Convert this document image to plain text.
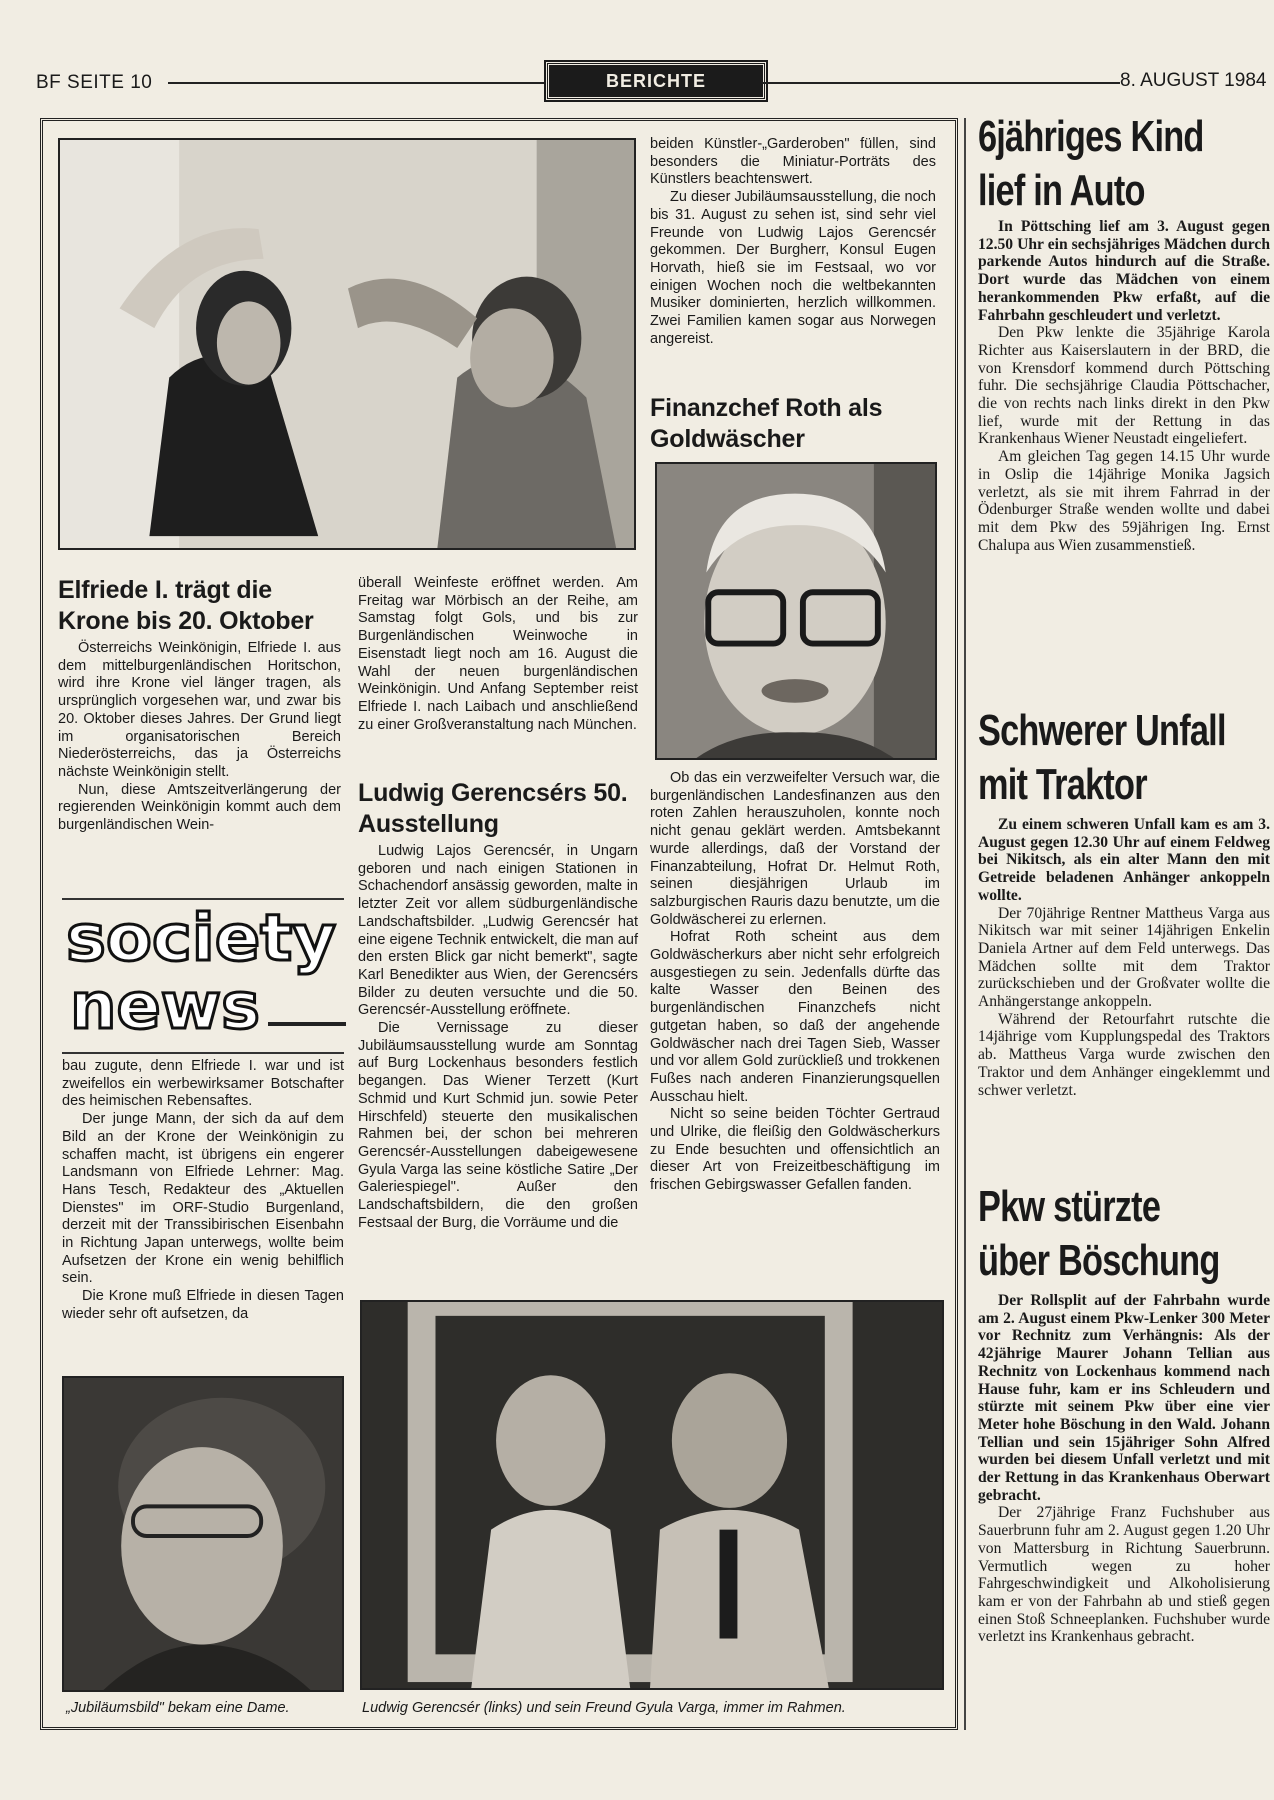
BF SEITE 10	BERICHTE	8. AUGUST 1984
Elfriede I. trägt die Krone bis 20. Oktober

Österreichs Weinkönigin, Elfriede I. aus dem mittelburgenländischen Horitschon, wird ihre Krone viel länger tragen, als ursprünglich vorgesehen war, und zwar bis 20. Oktober dieses Jahres. Der Grund liegt im organisatorischen Bereich Niederösterreichs, das ja Österreichs nächste Weinkönigin stellt.

Nun, diese Amtszeitverlängerung der regierenden Weinkönigin kommt auch dem burgenländischen Wein-

überall Weinfeste eröffnet werden. Am Freitag war Mörbisch an der Reihe, am Samstag folgt Gols, und bis zur Burgenländischen Weinwoche in Eisenstadt liegt noch am 16. August die Wahl der neuen burgenländischen Weinkönigin. Und Anfang September reist Elfriede I. nach Laibach und anschließend zu einer Großveranstaltung nach München.

society
news

bau zugute, denn Elfriede I. war und ist zweifellos ein werbewirksamer Botschafter des heimischen Rebensaftes.

Der junge Mann, der sich da auf dem Bild an der Krone der Weinkönigin zu schaffen macht, ist übrigens ein engerer Landsmann von Elfriede Lehrner: Mag. Hans Tesch, Redakteur des „Aktuellen Dienstes" im ORF-Studio Burgenland, derzeit mit der Transsibirischen Eisenbahn in Richtung Japan unterwegs, wollte beim Aufsetzen der Krone ein wenig behilflich sein.

Die Krone muß Elfriede in diesen Tagen wieder sehr oft aufsetzen, da

„Jubiläumsbild" bekam eine Dame.
Ludwig Gerencsérs 50. Ausstellung

Ludwig Lajos Gerencsér, in Ungarn geboren und nach einigen Stationen in Schachendorf ansässig geworden, malte in letzter Zeit vor allem südburgenländische Landschaftsbilder. „Ludwig Gerencsér hat eine eigene Technik entwickelt, die man auf den ersten Blick gar nicht bemerkt", sagte Karl Benedikter aus Wien, der Gerencsérs Bilder zu deuten versuchte und die 50. Gerencsér-Ausstellung eröffnete.

Die Vernissage zu dieser Jubiläumsausstellung wurde am Sonntag auf Burg Lockenhaus besonders festlich begangen. Das Wiener Terzett (Kurt Schmid und Kurt Schmid jun. sowie Peter Hirschfeld) steuerte den musikalischen Rahmen bei, der schon bei mehreren Gerencsér-Ausstellungen dabeigewesene Gyula Varga las seine köstliche Satire „Der Galeriespiegel". Außer den Landschaftsbildern, die den großen Festsaal der Burg, die Vorräume und die

beiden Künstler-„Garderoben" füllen, sind besonders die Miniatur-Porträts des Künstlers beachtenswert.

Zu dieser Jubiläumsausstellung, die noch bis 31. August zu sehen ist, sind sehr viel Freunde von Ludwig Lajos Gerencsér gekommen. Der Burgherr, Konsul Eugen Horvath, hieß sie im Festsaal, wo vor einigen Wochen noch die weltbekannten Musiker dominierten, herzlich willkommen. Zwei Familien kamen sogar aus Norwegen angereist.

Finanzchef Roth als Goldwäscher

Ob das ein verzweifelter Versuch war, die burgenländischen Landesfinanzen aus den roten Zahlen herauszuholen, konnte noch nicht genau geklärt werden. Amtsbekannt wurde allerdings, daß der Vorstand der Finanzabteilung, Hofrat Dr. Helmut Roth, seinen diesjährigen Urlaub im salzburgischen Rauris dazu benutzte, um die Goldwäscherei zu erlernen.

Hofrat Roth scheint aus dem Goldwäscherkurs aber nicht sehr erfolgreich ausgestiegen zu sein. Jedenfalls dürfte das kalte Wasser den Beinen des burgenländischen Finanzchefs nicht gutgetan haben, so daß der angehende Goldwäscher nach drei Tagen Sieb, Wasser und vor allem Gold zurückließ und trokkenen Fußes nach anderen Finanzierungsquellen Ausschau hielt.

Nicht so seine beiden Töchter Gertraud und Ulrike, die fleißig den Goldwäscherkurs zu Ende besuchten und offensichtlich an dieser Art von Freizeitbeschäftigung im frischen Gebirgswasser Gefallen fanden.

Ludwig Gerencsér (links) und sein Freund Gyula Varga, immer im Rahmen.
6jähriges Kind
lief in Auto

In Pöttsching lief am 3. August gegen 12.50 Uhr ein sechsjähriges Mädchen durch parkende Autos hindurch auf die Straße. Dort wurde das Mädchen von einem herankommenden Pkw erfaßt, auf die Fahrbahn geschleudert und verletzt.

Den Pkw lenkte die 35jährige Karola Richter aus Kaiserslautern in der BRD, die von Krensdorf kommend durch Pöttsching fuhr. Die sechsjährige Claudia Pöttschacher, die von rechts nach links direkt in den Pkw lief, wurde mit der Rettung in das Krankenhaus Wiener Neustadt eingeliefert.

Am gleichen Tag gegen 14.15 Uhr wurde in Oslip die 14jährige Monika Jagsich verletzt, als sie mit ihrem Fahrrad in der Ödenburger Straße wenden wollte und dabei mit dem Pkw des 59jährigen Ing. Ernst Chalupa aus Wien zusammenstieß.

Schwerer Unfall
mit Traktor

Zu einem schweren Unfall kam es am 3. August gegen 12.30 Uhr auf einem Feldweg bei Nikitsch, als ein alter Mann den mit Getreide beladenen Anhänger ankoppeln wollte.

Der 70jährige Rentner Mattheus Varga aus Nikitsch war mit seiner 14jährigen Enkelin Daniela Artner auf dem Feld unterwegs. Das Mädchen sollte mit dem Traktor zurückschieben und der Großvater wollte die Anhängerstange ankoppeln.

Während der Retourfahrt rutschte die 14jährige vom Kupplungspedal des Traktors ab. Mattheus Varga wurde zwischen den Traktor und dem Anhänger eingeklemmt und schwer verletzt.

Pkw stürzte
über Böschung

Der Rollsplit auf der Fahrbahn wurde am 2. August einem Pkw-Lenker 300 Meter vor Rechnitz zum Verhängnis: Als der 42jährige Maurer Johann Tellian aus Rechnitz von Lockenhaus kommend nach Hause fuhr, kam er ins Schleudern und stürzte mit seinem Pkw über eine vier Meter hohe Böschung in den Wald. Johann Tellian und sein 15jähriger Sohn Alfred wurden bei diesem Unfall verletzt und mit der Rettung in das Krankenhaus Oberwart gebracht.

Der 27jährige Franz Fuchshuber aus Sauerbrunn fuhr am 2. August gegen 1.20 Uhr von Mattersburg in Richtung Sauerbrunn. Vermutlich wegen zu hoher Fahrgeschwindigkeit und Alkoholisierung kam er von der Fahrbahn ab und stieß gegen einen Stoß Schneeplanken. Fuchshuber wurde verletzt ins Krankenhaus gebracht.
